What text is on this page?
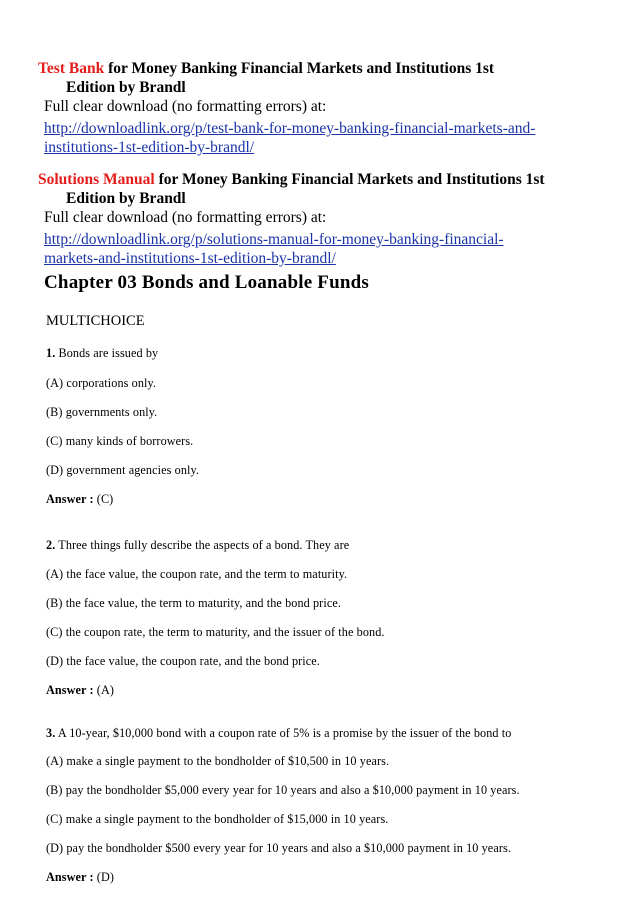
Test Bank for Money Banking Financial Markets and Institutions 1st
Edition by Brandl
Full clear download (no formatting errors) at:
http://downloadlink.org/p/test-bank-for-money-banking-financial-markets-and-
institutions-1st-edition-by-brandl/
Solutions Manual for Money Banking Financial Markets and Institutions 1st
Edition by Brandl
Full clear download (no formatting errors) at:
http://downloadlink.org/p/solutions-manual-for-money-banking-financial-
markets-and-institutions-1st-edition-by-brandl/
Chapter 03 Bonds and Loanable Funds
MULTICHOICE
1. Bonds are issued by
(A) corporations only.
(B) governments only.
(C) many kinds of borrowers.
(D) government agencies only.
Answer : (C)
2. Three things fully describe the aspects of a bond. They are
(A) the face value, the coupon rate, and the term to maturity.
(B) the face value, the term to maturity, and the bond price.
(C) the coupon rate, the term to maturity, and the issuer of the bond.
(D) the face value, the coupon rate, and the bond price.
Answer : (A)
3. A 10-year, $10,000 bond with a coupon rate of 5% is a promise by the issuer of the bond to
(A) make a single payment to the bondholder of $10,500 in 10 years.
(B) pay the bondholder $5,000 every year for 10 years and also a $10,000 payment in 10 years.
(C) make a single payment to the bondholder of $15,000 in 10 years.
(D) pay the bondholder $500 every year for 10 years and also a $10,000 payment in 10 years.
Answer : (D)
